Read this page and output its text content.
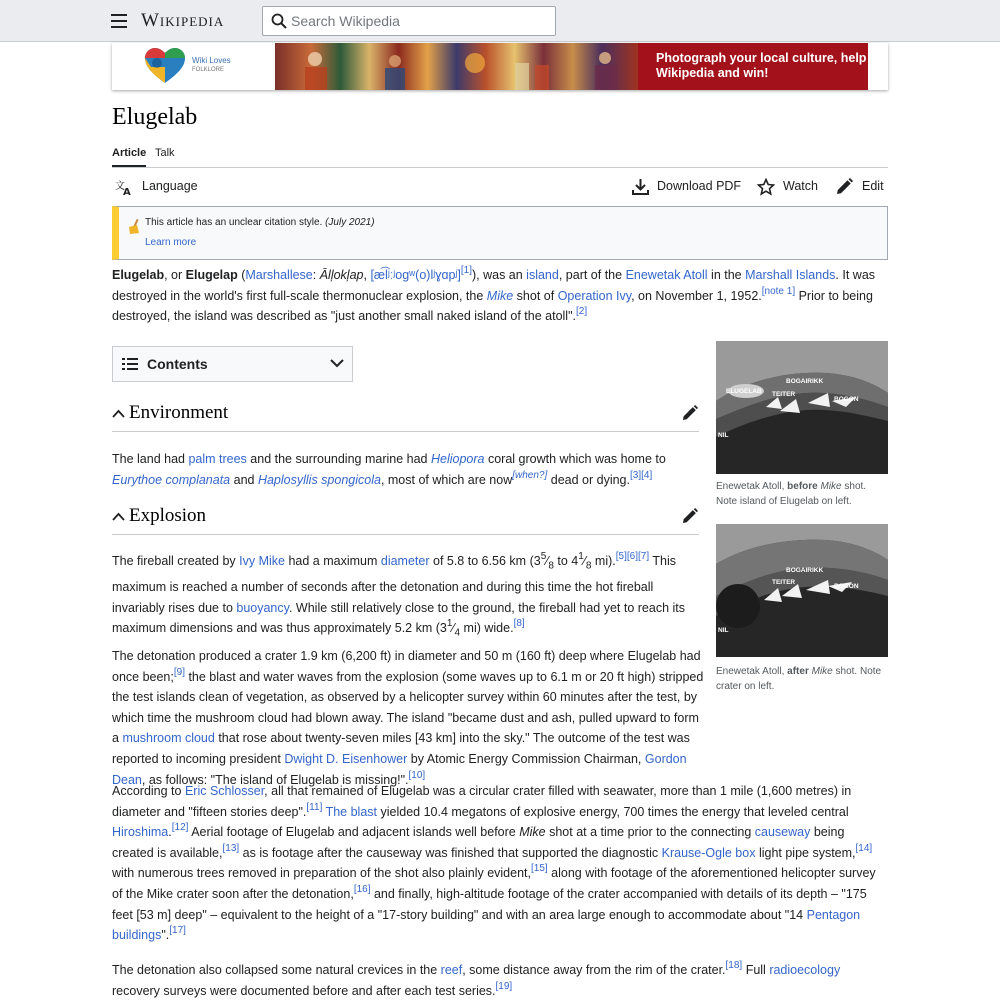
Wikipedia
Search Wikipedia
Wiki Loves
FOLKLORE
Photograph your local culture, help Wikipedia and win!
×
Elugelab
Article Talk
文
A Language	Download PDF	Watch	Edit
This article has an unclear citation style. (July 2021)
Learn more

Elugelab, or Elugelap (Marshallese: Ālļokļap, [æ͡lʲːʲogʷ(o)lʲɣɑpʲ][1]), was an island, part of the Enewetak Atoll in the Marshall Islands. It was destroyed in the world's first full-scale thermonuclear explosion, the Mike shot of Operation Ivy, on November 1, 1952.[note 1] Prior to being destroyed, the island was described as "just another small naked island of the atoll".[2]

Contents
Environment

The land had palm trees and the surrounding marine had Heliopora coral growth which was home to Eurythoe complanata and Haplosyllis spongicola, most of which are now[when?] dead or dying.[3][4]

Explosion

The fireball created by Ivy Mike had a maximum diameter of 5.8 to 6.56 km ($3^5⁄_8$ to $4^1⁄_8$ mi).[5][6][7] This maximum is reached a number of seconds after the detonation and during this time the hot fireball invariably rises due to buoyancy. While still relatively close to the ground, the fireball had yet to reach its maximum dimensions and was thus approximately 5.2 km ($3^1⁄_4$ mi) wide.[8]

The detonation produced a crater 1.9 km (6,200 ft) in diameter and 50 m (160 ft) deep where Elugelab had once been;[9] the blast and water waves from the explosion (some waves up to 6.1 m or 20 ft high) stripped the test islands clean of vegetation, as observed by a helicopter survey within 60 minutes after the test, by which time the mushroom cloud had blown away. The island "became dust and ash, pulled upward to form a mushroom cloud that rose about twenty-seven miles [43 km] into the sky." The outcome of the test was reported to incoming president Dwight D. Eisenhower by Atomic Energy Commission Chairman, Gordon Dean, as follows: "The island of Elugelab is missing!".[10]

According to Eric Schlosser, all that remained of Elugelab was a circular crater filled with seawater, more than 1 mile (1,600 metres) in diameter and "fifteen stories deep".[11] The blast yielded 10.4 megatons of explosive energy, 700 times the energy that leveled central Hiroshima.[12] Aerial footage of Elugelab and adjacent islands well before Mike shot at a time prior to the connecting causeway being created is available,[13] as is footage after the causeway was finished that supported the diagnostic Krause-Ogle box light pipe system,[14] with numerous trees removed in preparation of the shot also plainly evident,[15] along with footage of the aforementioned helicopter survey of the Mike crater soon after the detonation,[16] and finally, high-altitude footage of the crater accompanied with details of its depth – "175 feet [53 m] deep" – equivalent to the height of a "17-story building" and with an area large enough to accommodate about "14 Pentagon buildings".[17]

The detonation also collapsed some natural crevices in the reef, some distance away from the rim of the crater.[18] Full radioecology recovery surveys were documented before and after each test series.[19]

ELUGELAB
BOGAIRIKK
TEITER
BOGON
NIL
Enewetak Atoll, before Mike shot. Note island of Elugelab on left.
BOGAIRIKK
TEITER
BOGON
NIL
Enewetak Atoll, after Mike shot. Note crater on left.
